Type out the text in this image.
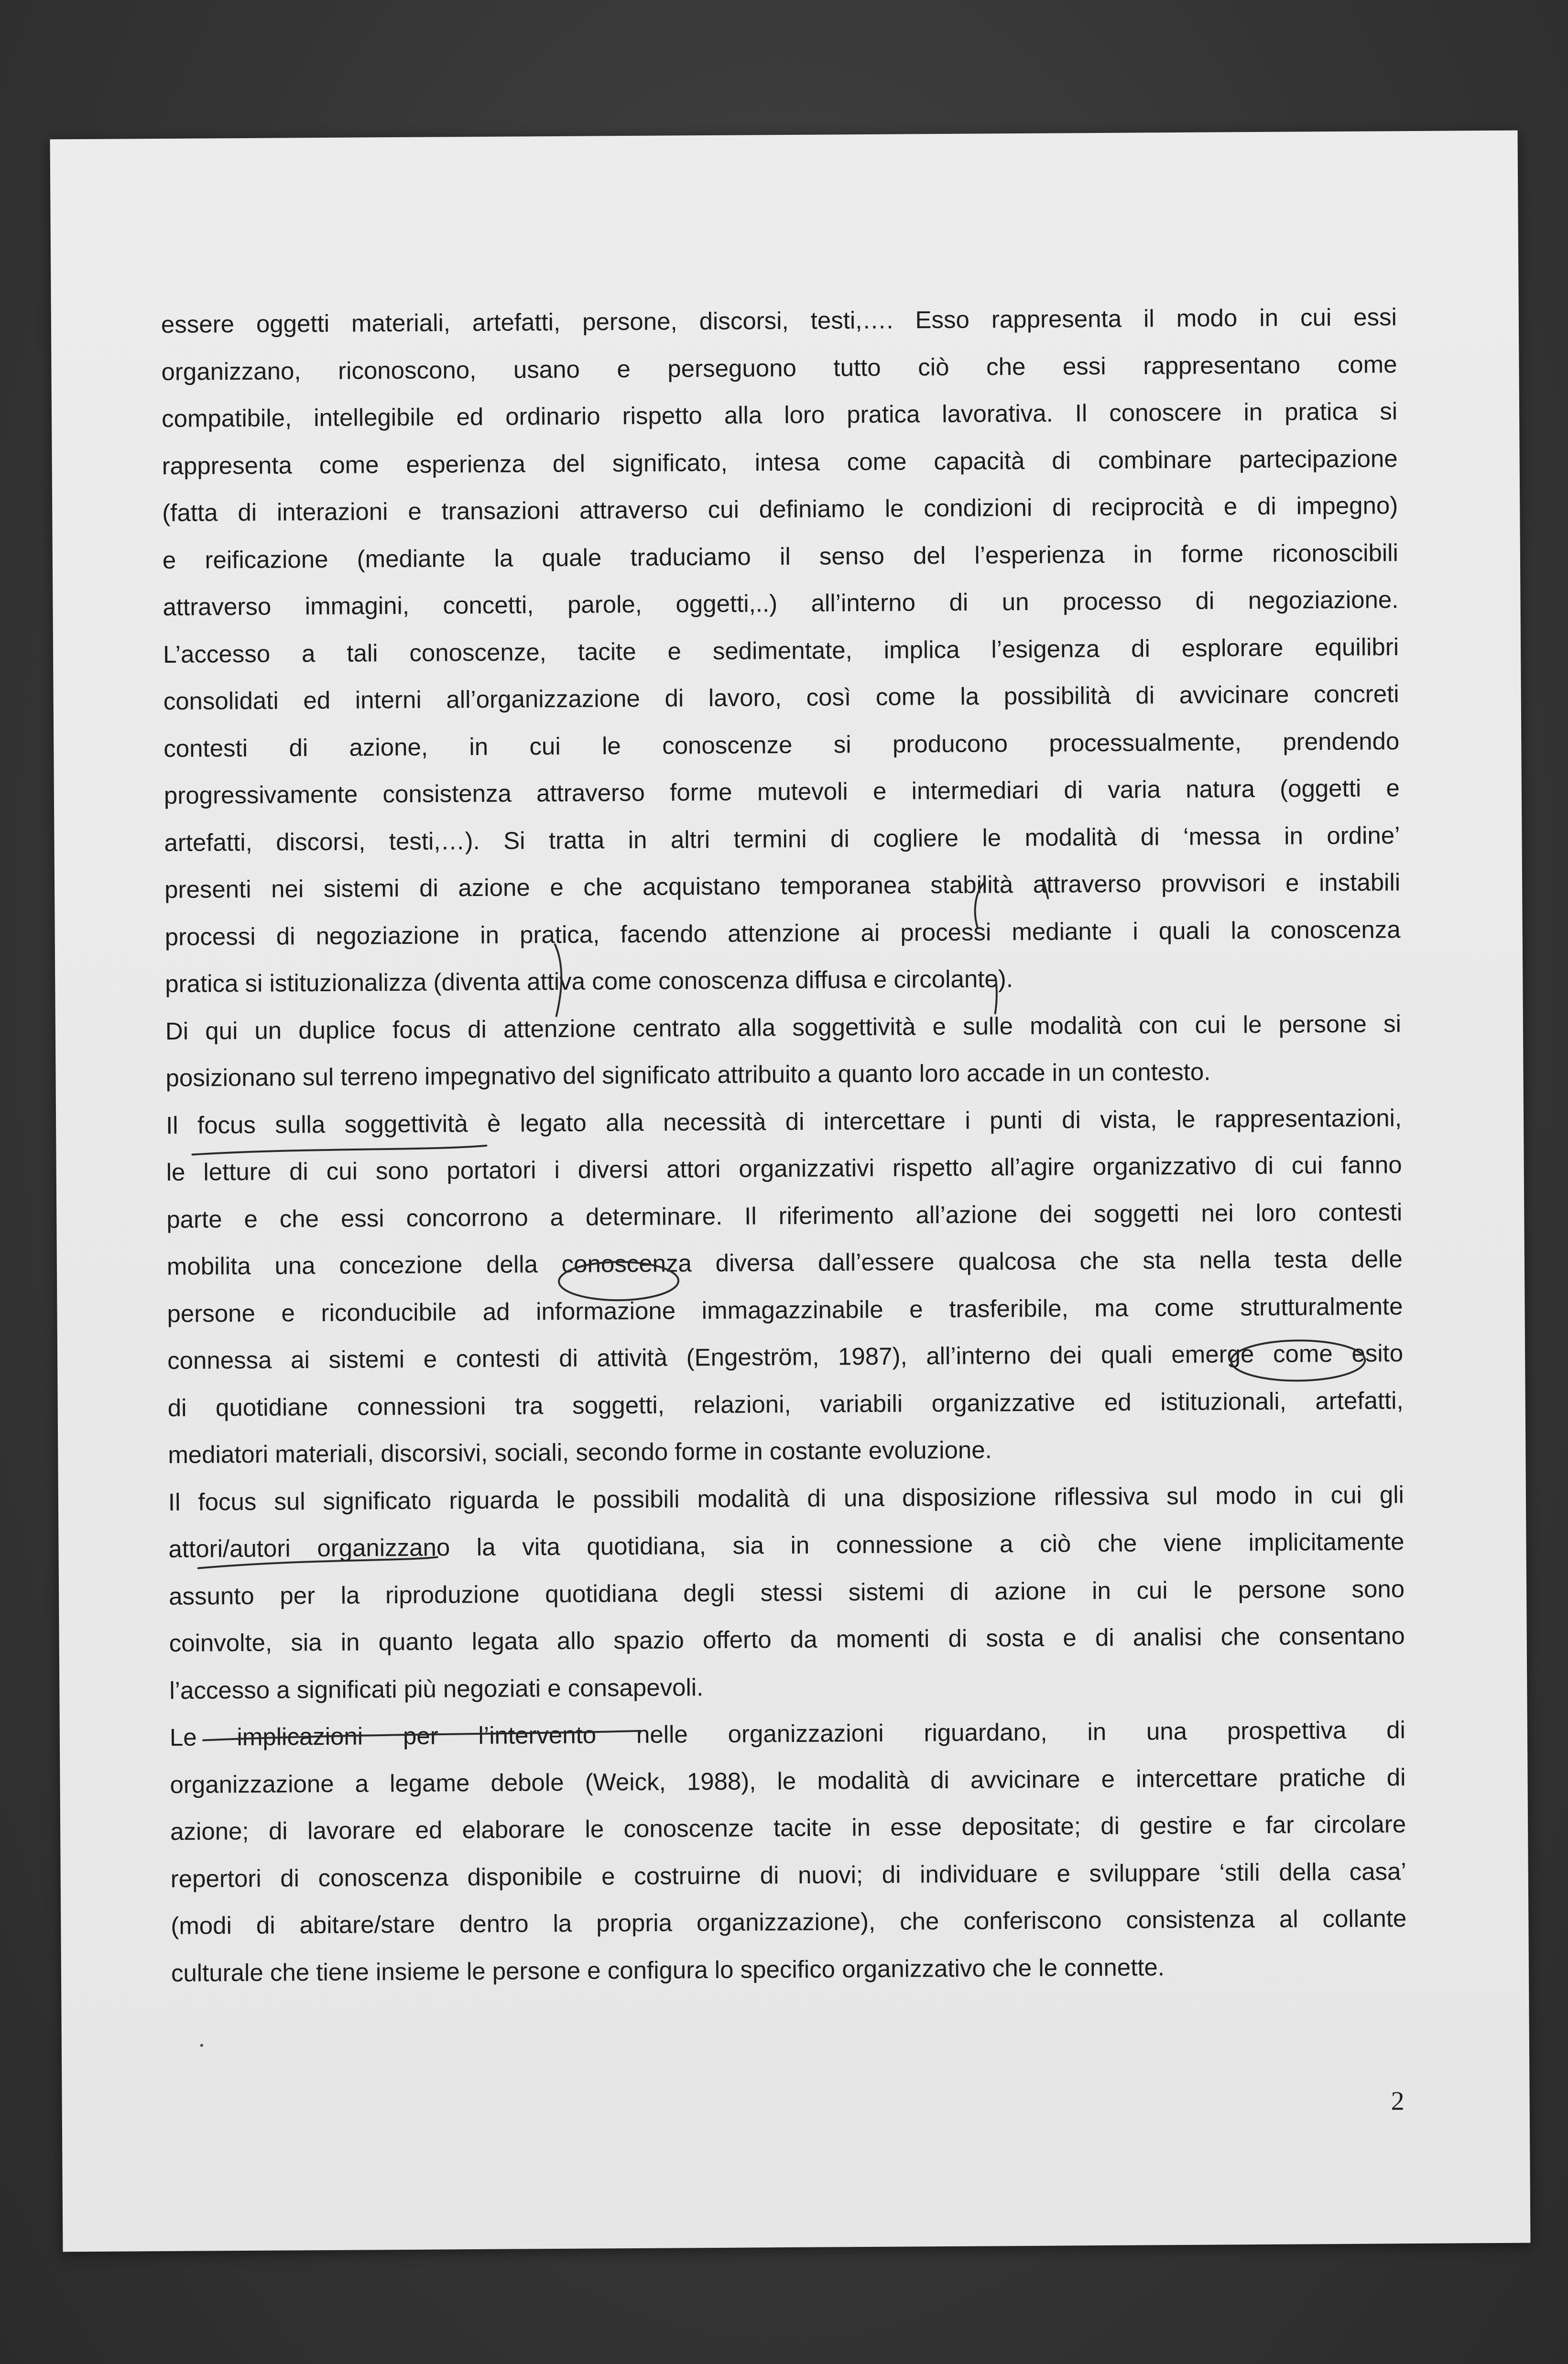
essere oggetti materiali, artefatti, persone, discorsi, testi,…. Esso rappresenta il modo in cui essi
organizzano, riconoscono, usano e perseguono tutto ciò che essi rappresentano come
compatibile, intellegibile ed ordinario rispetto alla loro pratica lavorativa. Il conoscere in pratica si
rappresenta come esperienza del significato, intesa come capacità di combinare partecipazione
(fatta di interazioni e transazioni attraverso cui definiamo le condizioni di reciprocità e di impegno)
e reificazione (mediante la quale traduciamo il senso del l’esperienza in forme riconoscibili
attraverso immagini, concetti, parole, oggetti,..) all’interno di un processo di negoziazione.
L’accesso a tali conoscenze, tacite e sedimentate, implica l’esigenza di esplorare equilibri
consolidati ed interni all’organizzazione di lavoro, così come la possibilità di avvicinare concreti
contesti di azione, in cui le conoscenze si producono processualmente, prendendo
progressivamente consistenza attraverso forme mutevoli e intermediari di varia natura (oggetti e
artefatti, discorsi, testi,…). Si tratta in altri termini di cogliere le modalità di ‘messa in ordine’
presenti nei sistemi di azione e che acquistano temporanea stabilità attraverso provvisori e instabili
processi di negoziazione in pratica, facendo attenzione ai processi mediante i quali la conoscenza
pratica si istituzionalizza (diventa attiva come conoscenza diffusa e circolante).
Di qui un duplice focus di attenzione centrato alla soggettività e sulle modalità con cui le persone si
posizionano sul terreno impegnativo del significato attribuito a quanto loro accade in un contesto.
Il focus sulla soggettività è legato alla necessità di intercettare i punti di vista, le rappresentazioni,
le letture di cui sono portatori i diversi attori organizzativi rispetto all’agire organizzativo di cui fanno
parte e che essi concorrono a determinare. Il riferimento all’azione dei soggetti nei loro contesti
mobilita una concezione della conoscenza diversa dall’essere qualcosa che sta nella testa delle
persone e riconducibile ad informazione immagazzinabile e trasferibile, ma come strutturalmente
connessa ai sistemi e contesti di attività (Engeström, 1987), all’interno dei quali emerge come esito
di quotidiane connessioni tra soggetti, relazioni, variabili organizzative ed istituzionali, artefatti,
mediatori materiali, discorsivi, sociali, secondo forme in costante evoluzione.
Il focus sul significato riguarda le possibili modalità di una disposizione riflessiva sul modo in cui gli
attori/autori organizzano la vita quotidiana, sia in connessione a ciò che viene implicitamente
assunto per la riproduzione quotidiana degli stessi sistemi di azione in cui le persone sono
coinvolte, sia in quanto legata allo spazio offerto da momenti di sosta e di analisi che consentano
l’accesso a significati più negoziati e consapevoli.
Le implicazioni per l’intervento nelle organizzazioni riguardano, in una prospettiva di
organizzazione a legame debole (Weick, 1988), le modalità di avvicinare e intercettare pratiche di
azione; di lavorare ed elaborare le conoscenze tacite in esse depositate; di gestire e far circolare
repertori di conoscenza disponibile e costruirne di nuovi; di individuare e sviluppare ‘stili della casa’
(modi di abitare/stare dentro la propria organizzazione), che conferiscono consistenza al collante
culturale che tiene insieme le persone e configura lo specifico organizzativo che le connette.
2
